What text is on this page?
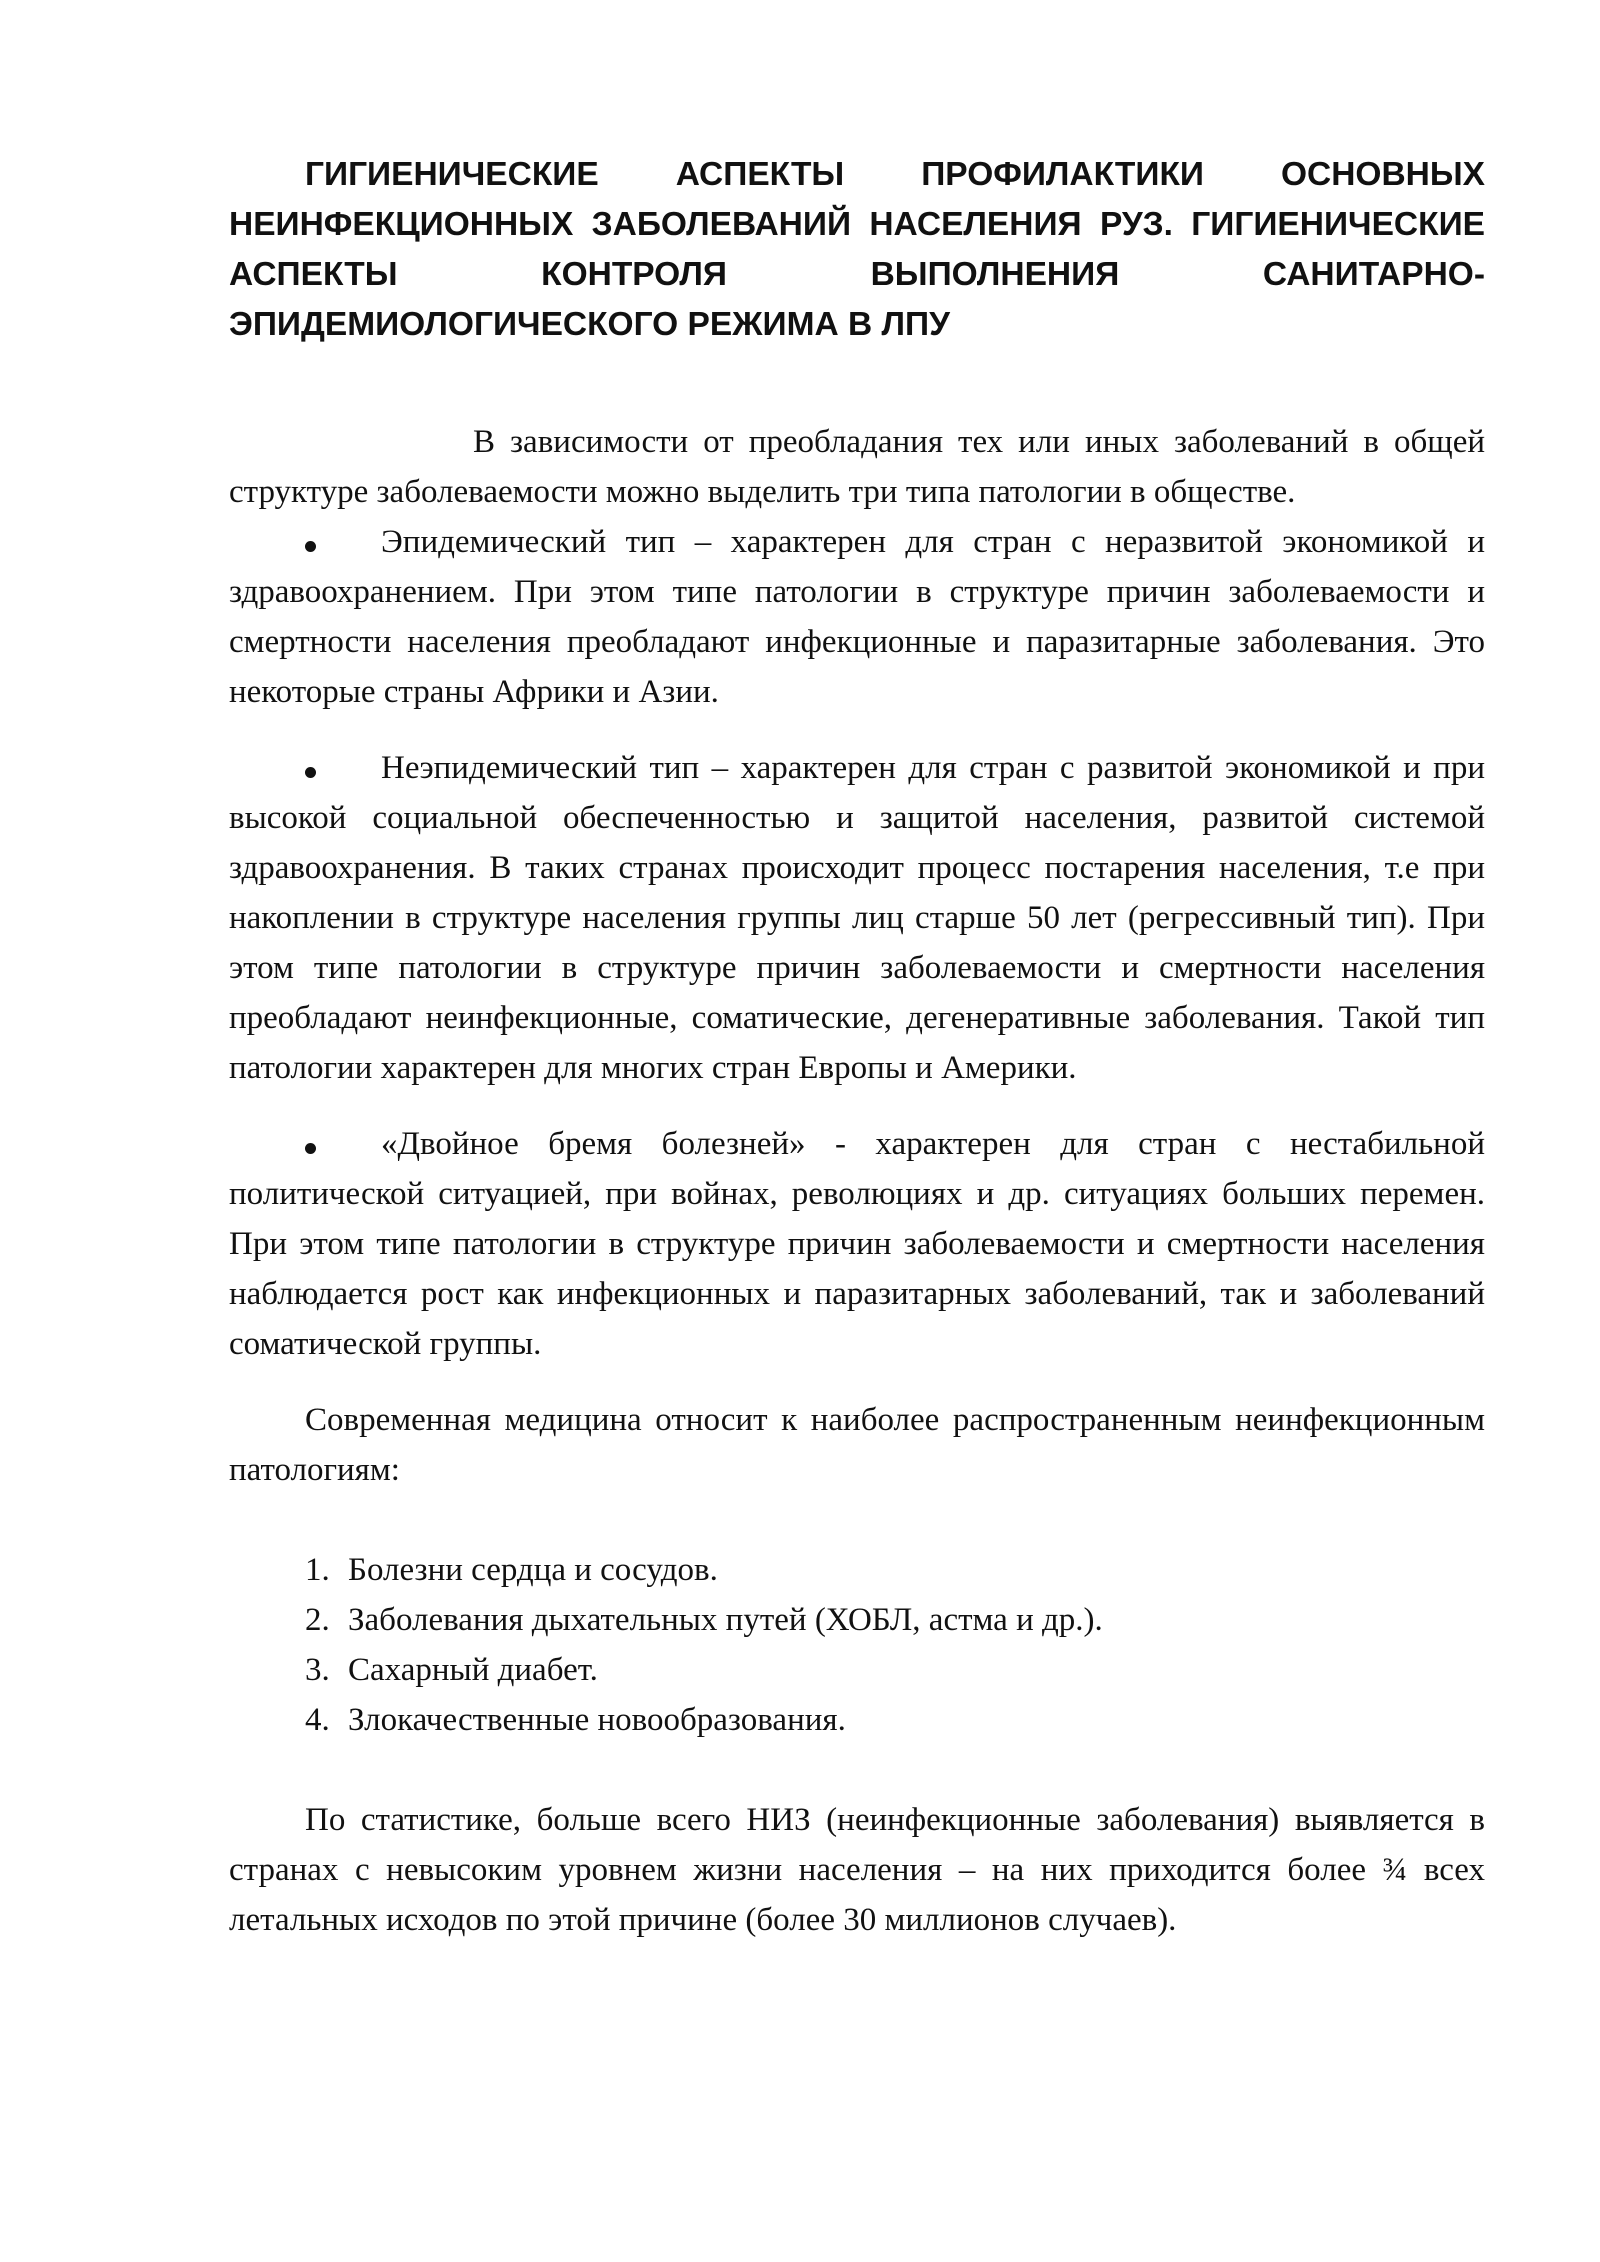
ГИГИЕНИЧЕСКИЕ АСПЕКТЫ ПРОФИЛАКТИКИ ОСНОВНЫХ НЕИНФЕКЦИОННЫХ ЗАБОЛЕВАНИЙ НАСЕЛЕНИЯ РУЗ. ГИГИЕНИЧЕСКИЕ АСПЕКТЫ КОНТРОЛЯ ВЫПОЛНЕНИЯ САНИТАРНО- ЭПИДЕМИОЛОГИЧЕСКОГО РЕЖИМА В ЛПУ

В зависимости от преобладания тех или иных заболеваний в общей структуре заболеваемости можно выделить три типа патологии в обществе.

Эпидемический тип – характерен для стран с неразвитой экономикой и здравоохранением. При этом типе патологии в структуре причин заболеваемости и смертности населения преобладают инфекционные и паразитарные заболевания. Это некоторые страны Африки и Азии.

Неэпидемический тип – характерен для стран с развитой экономикой и при высокой социальной обеспеченностью и защитой населения, развитой системой здравоохранения. В таких странах происходит процесс постарения населения, т.е при накоплении в структуре населения группы лиц старше 50 лет (регрессивный тип). При этом типе патологии в структуре причин заболеваемости и смертности населения преобладают неинфекционные, соматические, дегенеративные заболевания. Такой тип патологии характерен для многих стран Европы и Америки.

«Двойное бремя болезней» - характерен для стран с нестабильной политической ситуацией, при войнах, революциях и др. ситуациях больших перемен. При этом типе патологии в структуре причин заболеваемости и смертности населения наблюдается рост как инфекционных и паразитарных заболеваний, так и заболеваний соматической группы.

Современная медицина относит к наиболее распространенным неинфекционным патологиям:

1. Болезни сердца и сосудов.
2. Заболевания дыхательных путей (ХОБЛ, астма и др.).
3. Сахарный диабет.
4. Злокачественные новообразования.

По статистике, больше всего НИЗ (неинфекционные заболевания) выявляется в странах с невысоким уровнем жизни населения – на них приходится более ¾ всех летальных исходов по этой причине (более 30 миллионов случаев).
